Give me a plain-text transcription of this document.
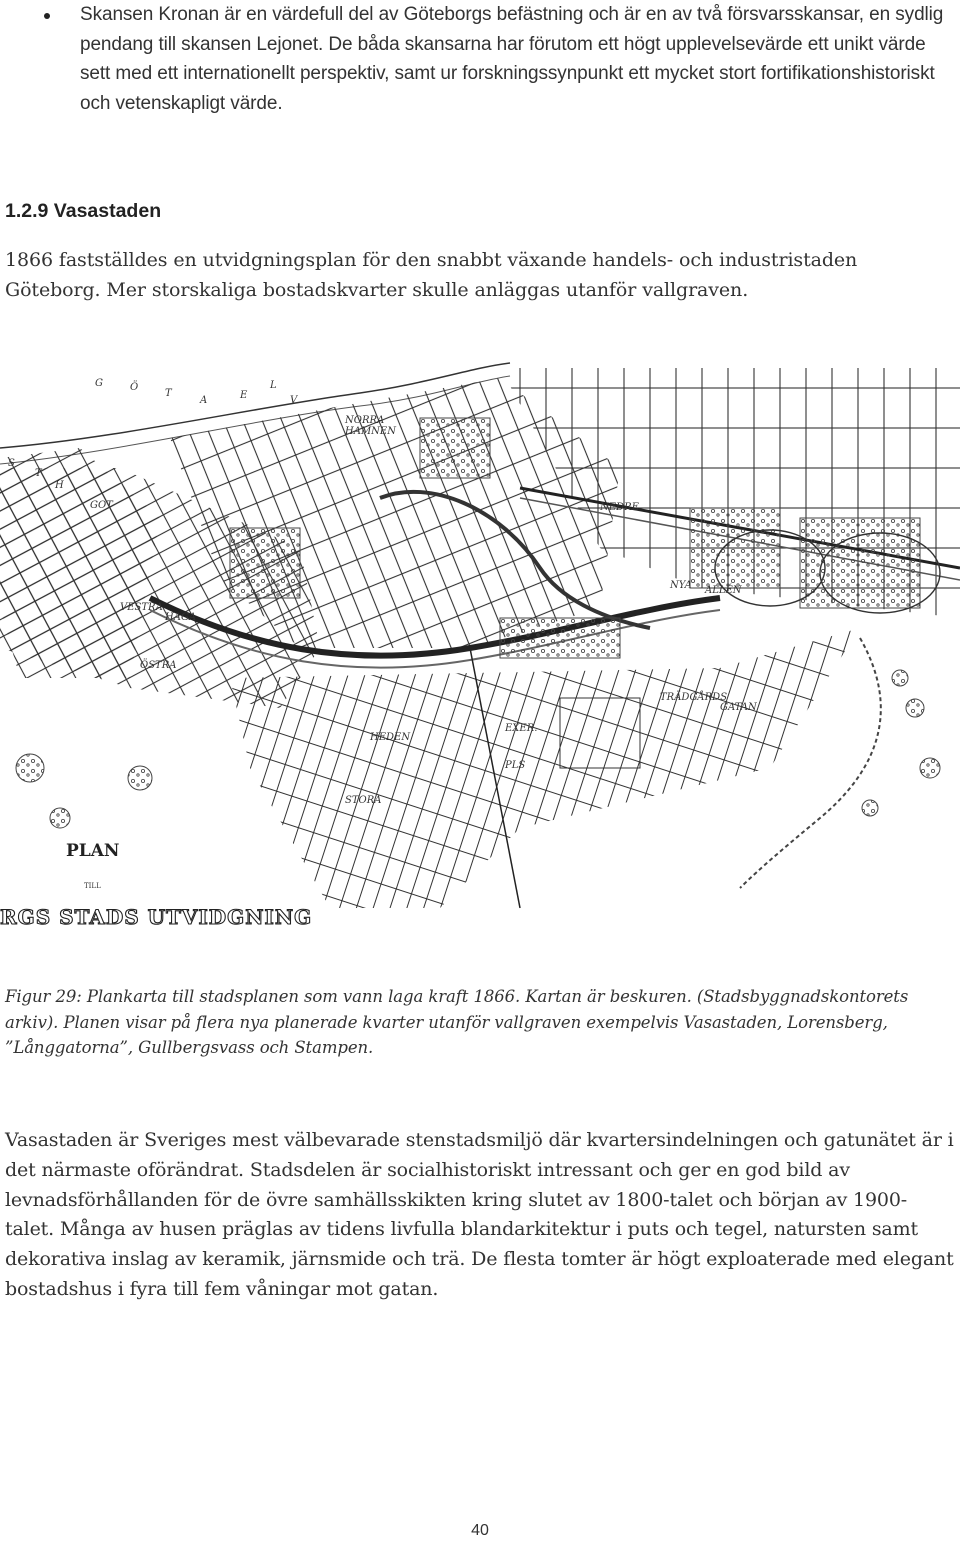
Skansen Kronan är en värdefull del av Göteborgs befästning och är en av två försvarsskansar, en sydlig pendang till skansen Lejonet. De båda skansarna har förutom ett högt upplevelsevärde ett unikt värde sett med ett internationellt perspektiv, samt ur forskningssynpunkt ett mycket stort fortifikationshistoriskt och vetenskapligt värde.
1.2.9 Vasastaden
1866 fastställdes en utvidgningsplan för den snabbt växande handels- och industristaden Göteborg. Mer storskaliga bostadskvarter skulle anläggas utanför vallgraven.
G	Ö
T
A	E
L
V
NORRA
HAMNEN
S
T
H
GOT
NYA ALLÉN
HEDEN
NEDRE
STORA
VESTRA
HAGA
ÖSTRA
TRÄDGÅRDS
GATAN
EXER.
PLS
PLAN
TILL
RGS STADS UTVIDGNING
Figur 29: Plankarta till stadsplanen som vann laga kraft 1866. Kartan är beskuren. (Stadsbyggnadskontorets arkiv). Planen visar på flera nya planerade kvarter utanför vallgraven exempelvis Vasastaden, Lorensberg, ”Långgatorna”, Gullbergsvass och Stampen.
Vasastaden är Sveriges mest välbevarade stenstadsmiljö där kvartersindelningen och gatunätet är i det närmaste oförändrat. Stadsdelen är socialhistoriskt intressant och ger en god bild av levnadsförhållanden för de övre samhällsskikten kring slutet av 1800-talet och början av 1900-talet. Många av husen präglas av tidens livfulla blandarkitektur i puts och tegel, natursten samt dekorativa inslag av keramik, järnsmide och trä. De flesta tomter är högt exploaterade med elegant bostadshus i fyra till fem våningar mot gatan.
40
